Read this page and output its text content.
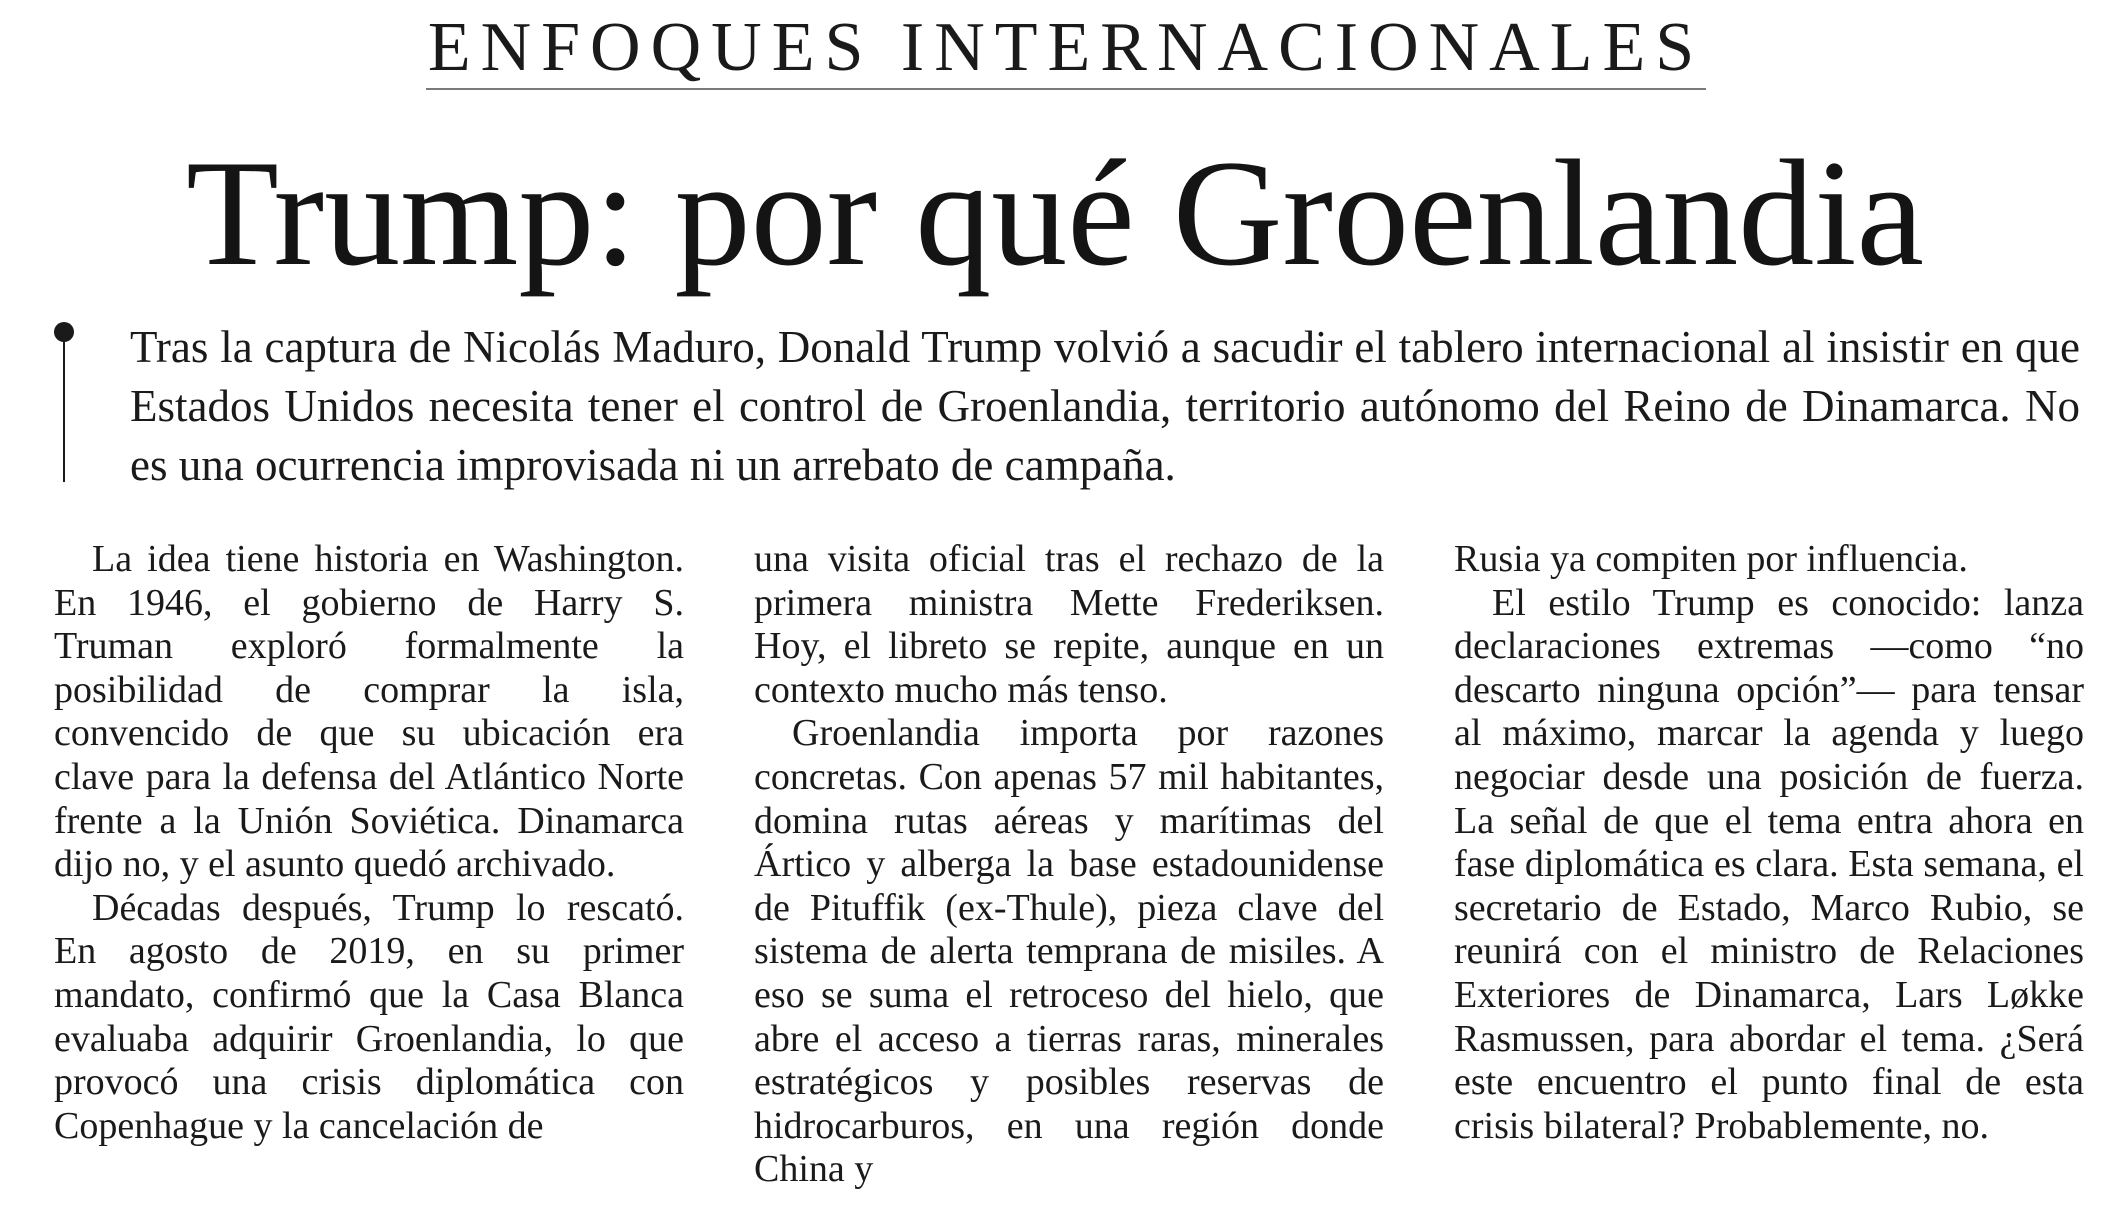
ENFOQUES INTERNACIONALES
Trump: por qué Groenlandia

Tras la captura de Nicolás Maduro, Donald Trump volvió a sacudir el tablero internacional al insistir en que Estados Unidos necesita tener el control de Groenlandia, territorio autónomo del Reino de Dinamarca. No es una ocurrencia improvisada ni un arrebato de campaña.

La idea tiene historia en Washington. En 1946, el gobierno de Harry S. Truman exploró formalmente la posibilidad de comprar la isla, convencido de que su ubicación era clave para la defensa del Atlántico Norte frente a la Unión Soviética. Dinamarca dijo no, y el asunto quedó archivado.

Décadas después, Trump lo rescató. En agosto de 2019, en su primer mandato, confirmó que la Casa Blanca evaluaba adquirir Groenlandia, lo que provocó una crisis diplomática con Copenhague y la cancelación de

una visita oficial tras el rechazo de la primera ministra Mette Frederiksen. Hoy, el libreto se repite, aunque en un contexto mucho más tenso.

Groenlandia importa por razones concretas. Con apenas 57 mil habitantes, domina rutas aéreas y marítimas del Ártico y alberga la base estadounidense de Pituffik (ex-Thule), pieza clave del sistema de alerta temprana de misiles. A eso se suma el retroceso del hielo, que abre el acceso a tierras raras, minerales estratégicos y posibles reservas de hidrocarburos, en una región donde China y

Rusia ya compiten por influencia.

El estilo Trump es conocido: lanza declaraciones extremas —como “no descarto ninguna opción”— para tensar al máximo, marcar la agenda y luego negociar desde una posición de fuerza. La señal de que el tema entra ahora en fase diplomática es clara. Esta semana, el secretario de Estado, Marco Rubio, se reunirá con el ministro de Relaciones Exteriores de Dinamarca, Lars Løkke Rasmussen, para abordar el tema. ¿Será este encuentro el punto final de esta crisis bilateral? Probablemente, no.
